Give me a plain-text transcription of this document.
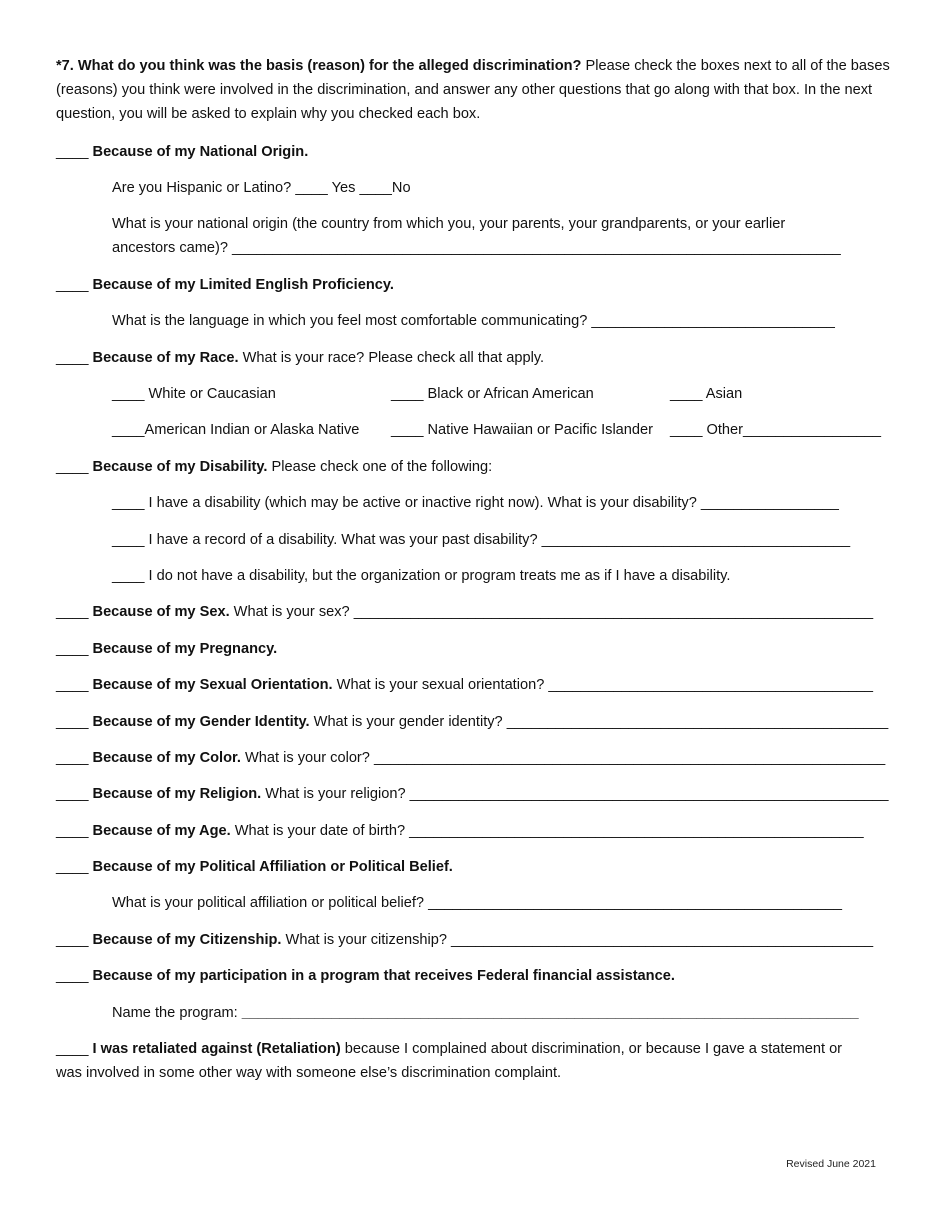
*7. What do you think was the basis (reason) for the alleged discrimination? Please check the boxes next to all of the bases (reasons) you think were involved in the discrimination, and answer any other questions that go along with that box. In the next question, you will be asked to explain why you checked each box.
____ Because of my National Origin.
Are you Hispanic or Latino? ____ Yes ____No
What is your national origin (the country from which you, your parents, your grandparents, or your earlier
ancestors came)? ___________________________________________________________________________
____ Because of my Limited English Proficiency.
What is the language in which you feel most comfortable communicating? ______________________________
____ Because of my Race. What is your race? Please check all that apply.
____ White or Caucasian	____ Black or African American	____ Asian
____American Indian or Alaska Native ____ Native Hawaiian or Pacific Islander ____ Other_________________
____ Because of my Disability. Please check one of the following:
____ I have a disability (which may be active or inactive right now). What is your disability? _________________
____ I have a record of a disability. What was your past disability? ______________________________________
____ I do not have a disability, but the organization or program treats me as if I have a disability.
____ Because of my Sex. What is your sex? ________________________________________________________________
____ Because of my Pregnancy.
____ Because of my Sexual Orientation. What is your sexual orientation? ________________________________________
____ Because of my Gender Identity. What is your gender identity? _______________________________________________
____ Because of my Color. What is your color? _______________________________________________________________
____ Because of my Religion. What is your religion? ___________________________________________________________
____ Because of my Age. What is your date of birth? ________________________________________________________
____ Because of my Political Affiliation or Political Belief.
What is your political affiliation or political belief? ___________________________________________________
____ Because of my Citizenship. What is your citizenship? ____________________________________________________
____ Because of my participation in a program that receives Federal financial assistance.
Name the program: ____________________________________________________________________________
____ I was retaliated against (Retaliation) because I complained about discrimination, or because I gave a statement or
was involved in some other way with someone else’s discrimination complaint.
Revised June 2021
